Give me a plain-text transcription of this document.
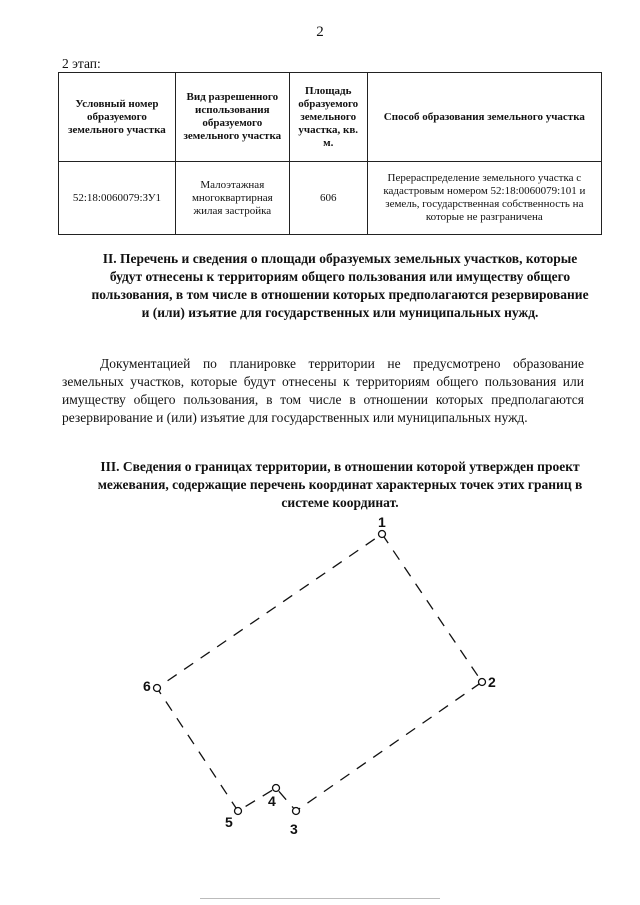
2
2 этап:
Условный номер образуемого земельного участка	Вид разрешенного использования образуемого земельного участка	Площадь образуемого земельного участка, кв. м.	Способ образования земельного участка
52:18:0060079:ЗУ1	Малоэтажная многоквартирная жилая застройка	606	Перераспределение земельного участка с кадастровым номером 52:18:0060079:101 и земель, государственная собственность на которые не разграничена
II. Перечень и сведения о площади образуемых земельных участков, которые будут отнесены к территориям общего пользования или имуществу общего пользования, в том числе в отношении которых предполагаются резервирование и (или) изъятие для государственных или муниципальных нужд.
Документацией по планировке территории не предусмотрено образование земельных участков, которые будут отнесены к территориям общего пользования или имуществу общего пользования, в том числе в отношении которых предполагаются резервирование и (или) изъятие для государственных или муниципальных нужд.
III. Сведения о границах территории, в отношении которой утвержден проект межевания, содержащие перечень координат характерных точек этих границ в системе координат.
1
2
3
4
5
6
